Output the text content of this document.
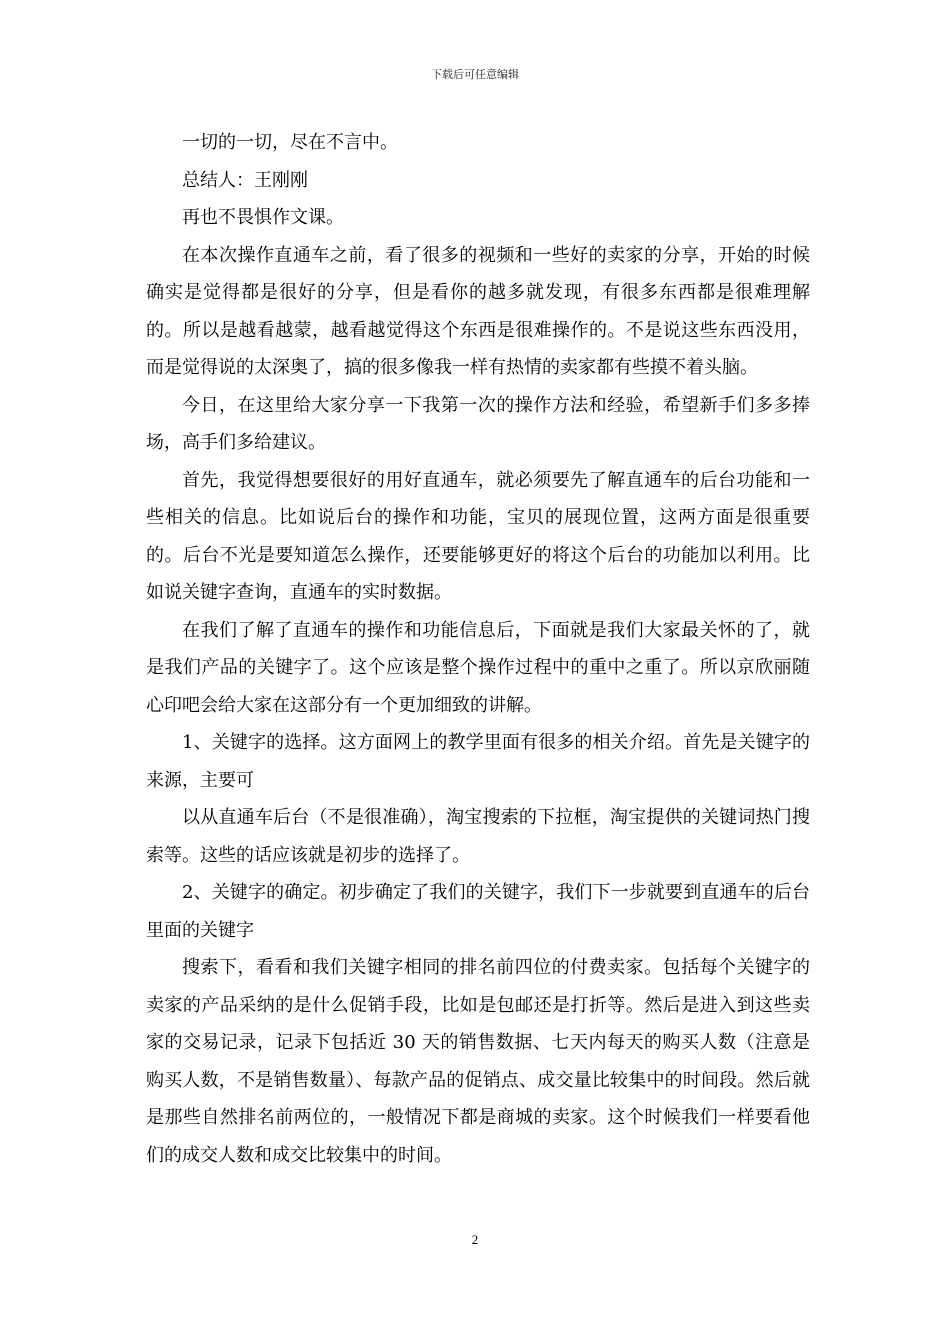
下载后可任意编辑

一切的一切，尽在不言中。

总结人：王刚刚

再也不畏惧作文课。

在本次操作直通车之前，看了很多的视频和一些好的卖家的分享，开始的时候确实是觉得都是很好的分享，但是看你的越多就发现，有很多东西都是很难理解的。所以是越看越蒙，越看越觉得这个东西是很难操作的。不是说这些东西没用，而是觉得说的太深奥了，搞的很多像我一样有热情的卖家都有些摸不着头脑。

今日，在这里给大家分享一下我第一次的操作方法和经验，希望新手们多多捧场，高手们多给建议。

首先，我觉得想要很好的用好直通车，就必须要先了解直通车的后台功能和一些相关的信息。比如说后台的操作和功能，宝贝的展现位置，这两方面是很重要的。后台不光是要知道怎么操作，还要能够更好的将这个后台的功能加以利用。比如说关键字查询，直通车的实时数据。

在我们了解了直通车的操作和功能信息后，下面就是我们大家最关怀的了，就是我们产品的关键字了。这个应该是整个操作过程中的重中之重了。所以京欣丽随心印吧会给大家在这部分有一个更加细致的讲解。

1、关键字的选择。这方面网上的教学里面有很多的相关介绍。首先是关键字的来源，主要可

以从直通车后台（不是很准确），淘宝搜索的下拉框，淘宝提供的关键词热门搜索等。这些的话应该就是初步的选择了。

2、关键字的确定。初步确定了我们的关键字，我们下一步就要到直通车的后台里面的关键字

搜索下，看看和我们关键字相同的排名前四位的付费卖家。包括每个关键字的卖家的产品采纳的是什么促销手段，比如是包邮还是打折等。然后是进入到这些卖家的交易记录，记录下包括近 30 天的销售数据、七天内每天的购买人数（注意是购买人数，不是销售数量）、每款产品的促销点、成交量比较集中的时间段。然后就是那些自然排名前两位的，一般情况下都是商城的卖家。这个时候我们一样要看他们的成交人数和成交比较集中的时间。

2
